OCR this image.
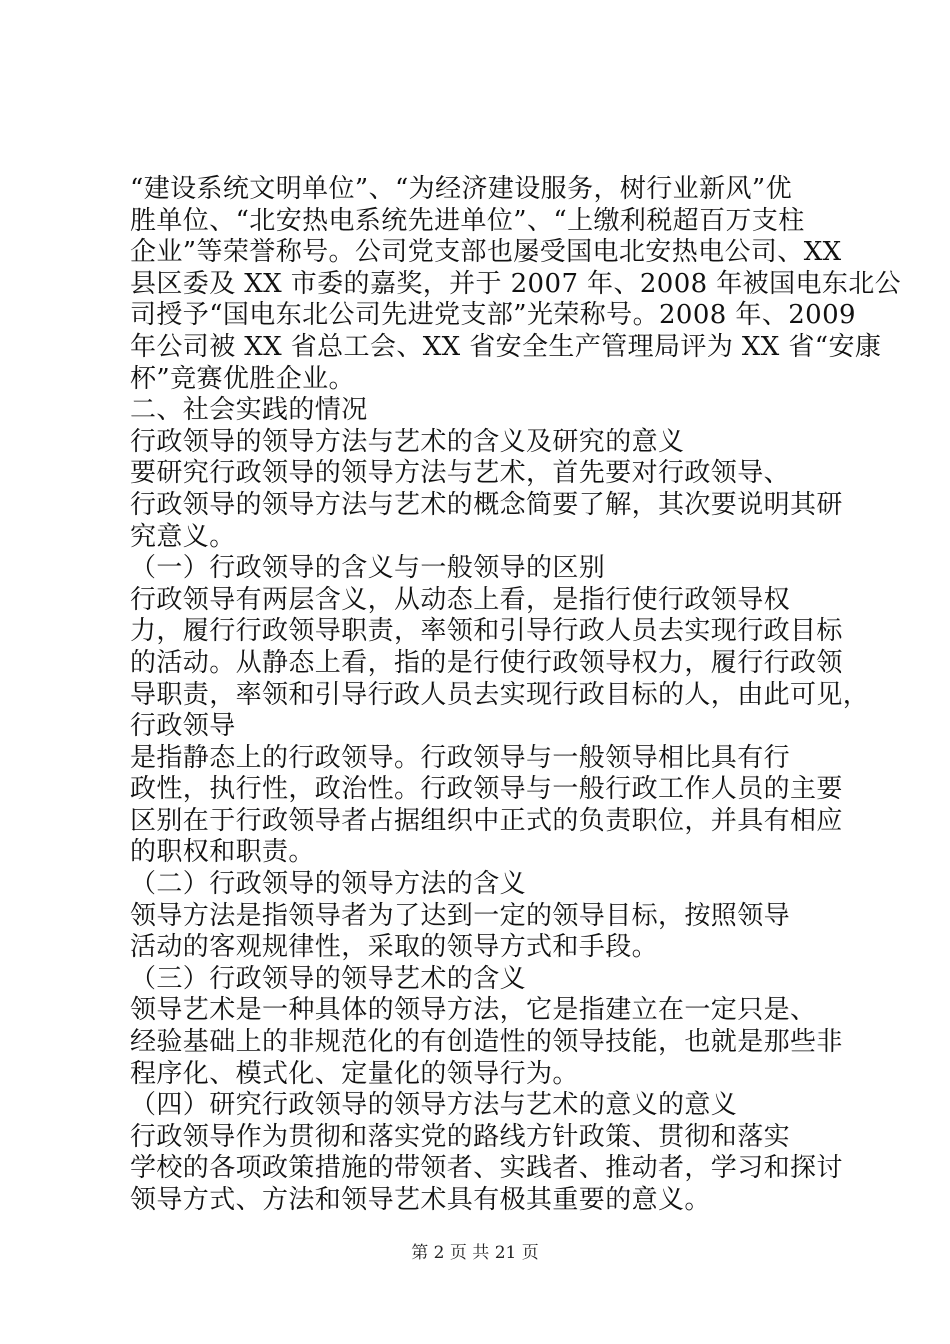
“建设系统文明单位”、“为经济建设服务，树行业新风”优
胜单位、“北安热电系统先进单位”、“上缴利税超百万支柱
企业”等荣誉称号。公司党支部也屡受国电北安热电公司、XX
县区委及 XX 市委的嘉奖，并于 2007 年、2008 年被国电东北公
司授予“国电东北公司先进党支部”光荣称号。2008 年、2009
年公司被 XX 省总工会、XX 省安全生产管理局评为 XX 省“安康
杯”竞赛优胜企业。
二、社会实践的情况
行政领导的领导方法与艺术的含义及研究的意义
要研究行政领导的领导方法与艺术，首先要对行政领导、
行政领导的领导方法与艺术的概念简要了解，其次要说明其研
究意义。
（一）行政领导的含义与一般领导的区别
行政领导有两层含义，从动态上看，是指行使行政领导权
力，履行行政领导职责，率领和引导行政人员去实现行政目标
的活动。从静态上看，指的是行使行政领导权力，履行行政领
导职责，率领和引导行政人员去实现行政目标的人，由此可见，
行政领导
是指静态上的行政领导。行政领导与一般领导相比具有行
政性，执行性，政治性。行政领导与一般行政工作人员的主要
区别在于行政领导者占据组织中正式的负责职位，并具有相应
的职权和职责。
（二）行政领导的领导方法的含义
领导方法是指领导者为了达到一定的领导目标，按照领导
活动的客观规律性，采取的领导方式和手段。
（三）行政领导的领导艺术的含义
领导艺术是一种具体的领导方法，它是指建立在一定只是、
经验基础上的非规范化的有创造性的领导技能，也就是那些非
程序化、模式化、定量化的领导行为。
（四）研究行政领导的领导方法与艺术的意义的意义
行政领导作为贯彻和落实党的路线方针政策、贯彻和落实
学校的各项政策措施的带领者、实践者、推动者，学习和探讨
领导方式、方法和领导艺术具有极其重要的意义。
第 2 页 共 21 页
